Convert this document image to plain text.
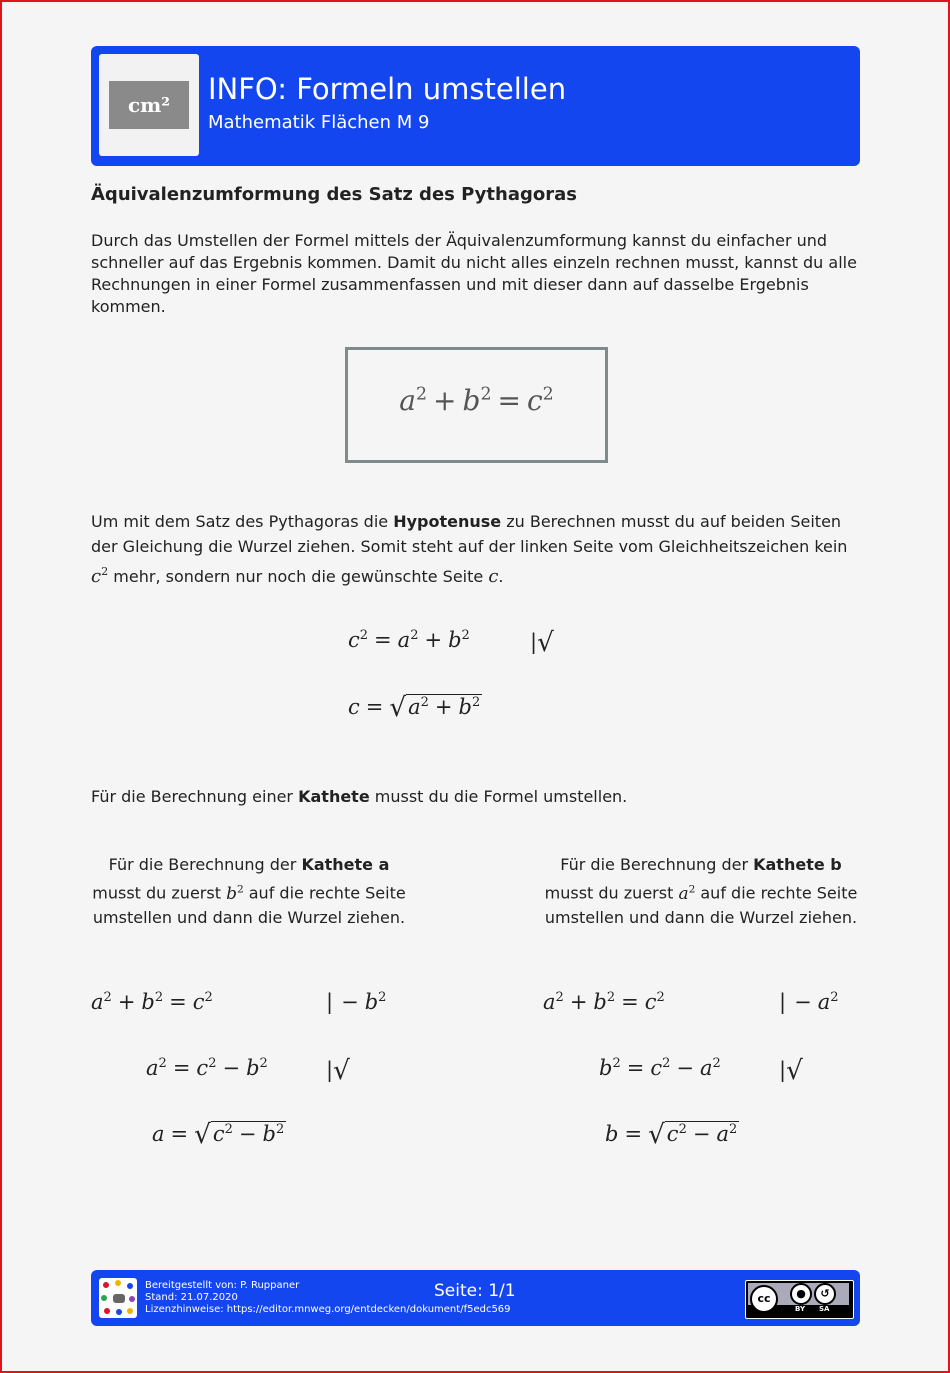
cm²	INFO: Formeln umstellen
Mathematik Flächen M 9
Äquivalenzumformung des Satz des Pythagoras
Durch das Umstellen der Formel mittels der Äquivalenzumformung kannst du einfacher und schneller auf das Ergebnis kommen. Damit du nicht alles einzeln rechnen musst, kannst du alle Rechnungen in einer Formel zusammenfassen und mit dieser dann auf dasselbe Ergebnis kommen.
$a^2 + b^2 = c^2$
Um mit dem Satz des Pythagoras die Hypotenuse zu Berechnen musst du auf beiden Seiten der Gleichung die Wurzel ziehen. Somit steht auf der linken Seite vom Gleichheitszeichen kein $c^2$ mehr, sondern nur noch die gewünschte Seite c.
$c^2 = a^2 + b^2$	|√
$c = √a^2 + b^2$
Für die Berechnung einer Kathete musst du die Formel umstellen.
Für die Berechnung der Kathete a
musst du zuerst $b^2$ auf die rechte Seite
umstellen und dann die Wurzel ziehen.
Für die Berechnung der Kathete b
musst du zuerst $a^2$ auf die rechte Seite
umstellen und dann die Wurzel ziehen.
$a^2 + b^2 = c^2$	| − $b^2$
$a^2 = c^2 - b^2$	|√
$a = √c^2 - b^2$
$a^2 + b^2 = c^2$	| − $a^2$
$b^2 = c^2 - a^2$	|√
$b = √c^2 - a^2$
Bereitgestellt von: P. Ruppaner
Stand: 21.07.2020
Lizenzhinweise: https://editor.mnweg.org/entdecken/dokument/f5edc569
Seite: 1/1	cc	●	↺
BY SA
